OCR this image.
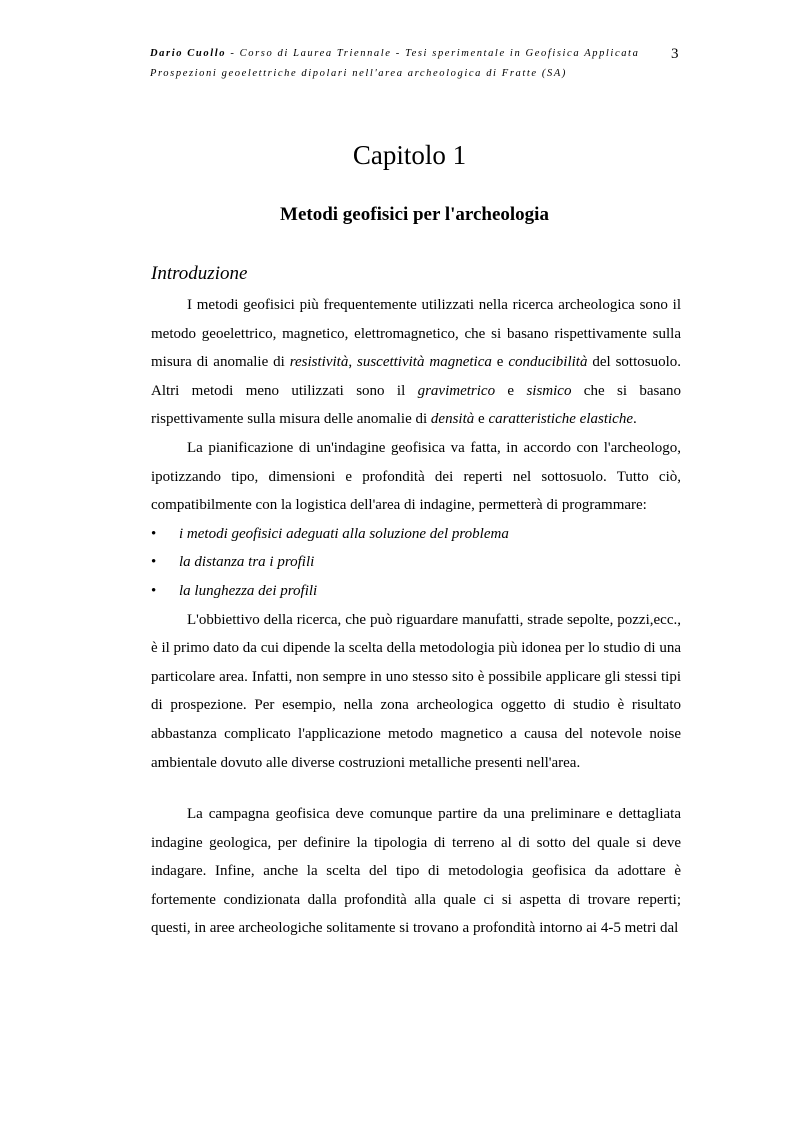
Dario Cuollo - Corso di Laurea Triennale - Tesi sperimentale in Geofisica Applicata
Prospezioni geoelettriche dipolari nell'area archeologica di Fratte (SA)
3
Capitolo 1
Metodi geofisici per l'archeologia
Introduzione

I metodi geofisici più frequentemente utilizzati nella ricerca archeologica sono il metodo geoelettrico, magnetico, elettromagnetico, che si basano rispettivamente sulla misura di anomalie di resistività, suscettività magnetica e conducibilità del sottosuolo. Altri metodi meno utilizzati sono il gravimetrico e sismico che si basano rispettivamente sulla misura delle anomalie di densità e caratteristiche elastiche.

La pianificazione di un'indagine geofisica va fatta, in accordo con l'archeologo, ipotizzando tipo, dimensioni e profondità dei reperti nel sottosuolo. Tutto ciò, compatibilmente con la logistica dell'area di indagine, permetterà di programmare:

• i metodi geofisici adeguati alla soluzione del problema
• la distanza tra i profili
• la lunghezza dei profili

L'obbiettivo della ricerca, che può riguardare manufatti, strade sepolte, pozzi,ecc., è il primo dato da cui dipende la scelta della metodologia più idonea per lo studio di una particolare area. Infatti, non sempre in uno stesso sito è possibile applicare gli stessi tipi di prospezione. Per esempio, nella zona archeologica oggetto di studio è risultato abbastanza complicato l'applicazione metodo magnetico a causa del notevole noise ambientale dovuto alle diverse costruzioni metalliche presenti nell'area.

La campagna geofisica deve comunque partire da una preliminare e dettagliata indagine geologica, per definire la tipologia di terreno al di sotto del quale si deve indagare. Infine, anche la scelta del tipo di metodologia geofisica da adottare è fortemente condizionata dalla profondità alla quale ci si aspetta di trovare reperti; questi, in aree archeologiche solitamente si trovano a profondità intorno ai 4-5 metri dal
